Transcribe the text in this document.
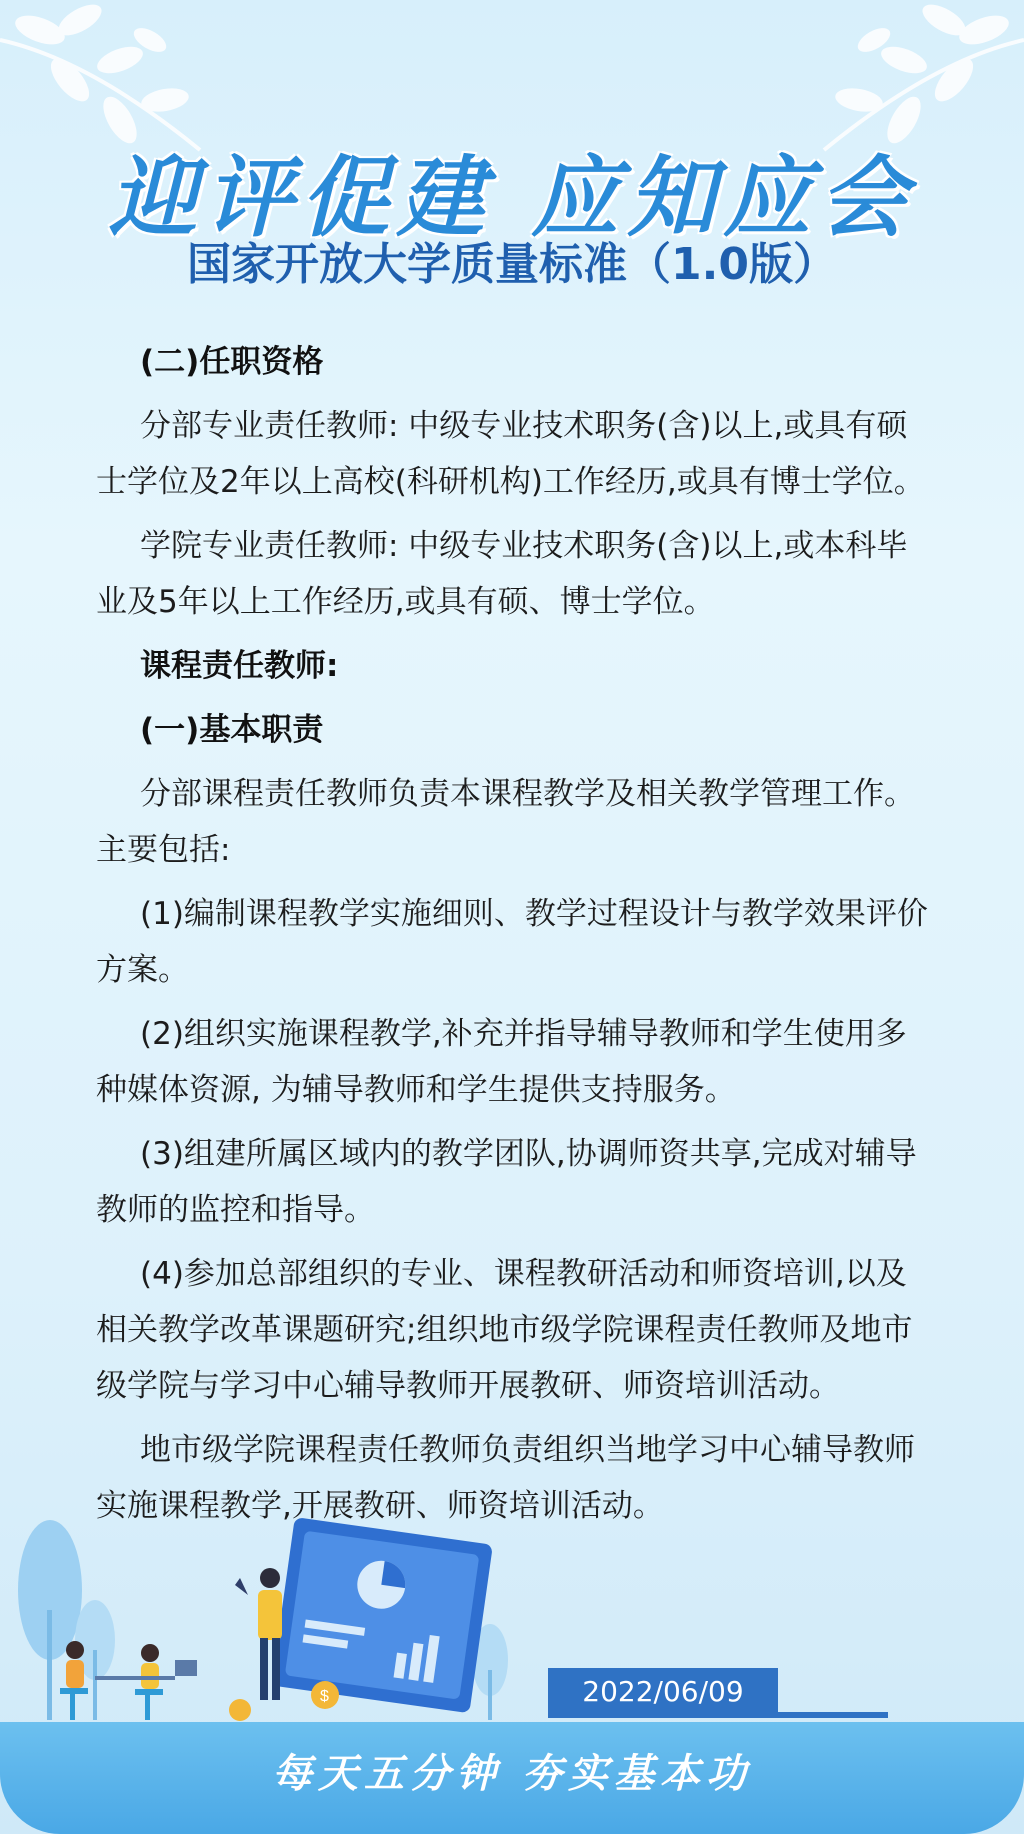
迎评促建 应知应会
国家开放大学质量标准（1.0版）

(二)任职资格

分部专业责任教师: 中级专业技术职务(含)以上,或具有硕士学位及2年以上高校(科研机构)工作经历,或具有博士学位。

学院专业责任教师: 中级专业技术职务(含)以上,或本科毕业及5年以上工作经历,或具有硕、博士学位。

课程责任教师:

(一)基本职责

分部课程责任教师负责本课程教学及相关教学管理工作。主要包括:

(1)编制课程教学实施细则、教学过程设计与教学效果评价方案。

(2)组织实施课程教学,补充并指导辅导教师和学生使用多种媒体资源, 为辅导教师和学生提供支持服务。

(3)组建所属区域内的教学团队,协调师资共享,完成对辅导教师的监控和指导。

(4)参加总部组织的专业、课程教研活动和师资培训,以及相关教学改革课题研究;组织地市级学院课程责任教师及地市级学院与学习中心辅导教师开展教研、师资培训活动。

地市级学院课程责任教师负责组织当地学习中心辅导教师实施课程教学,开展教研、师资培训活动。

$	2022/06/09
每天五分钟 夯实基本功
